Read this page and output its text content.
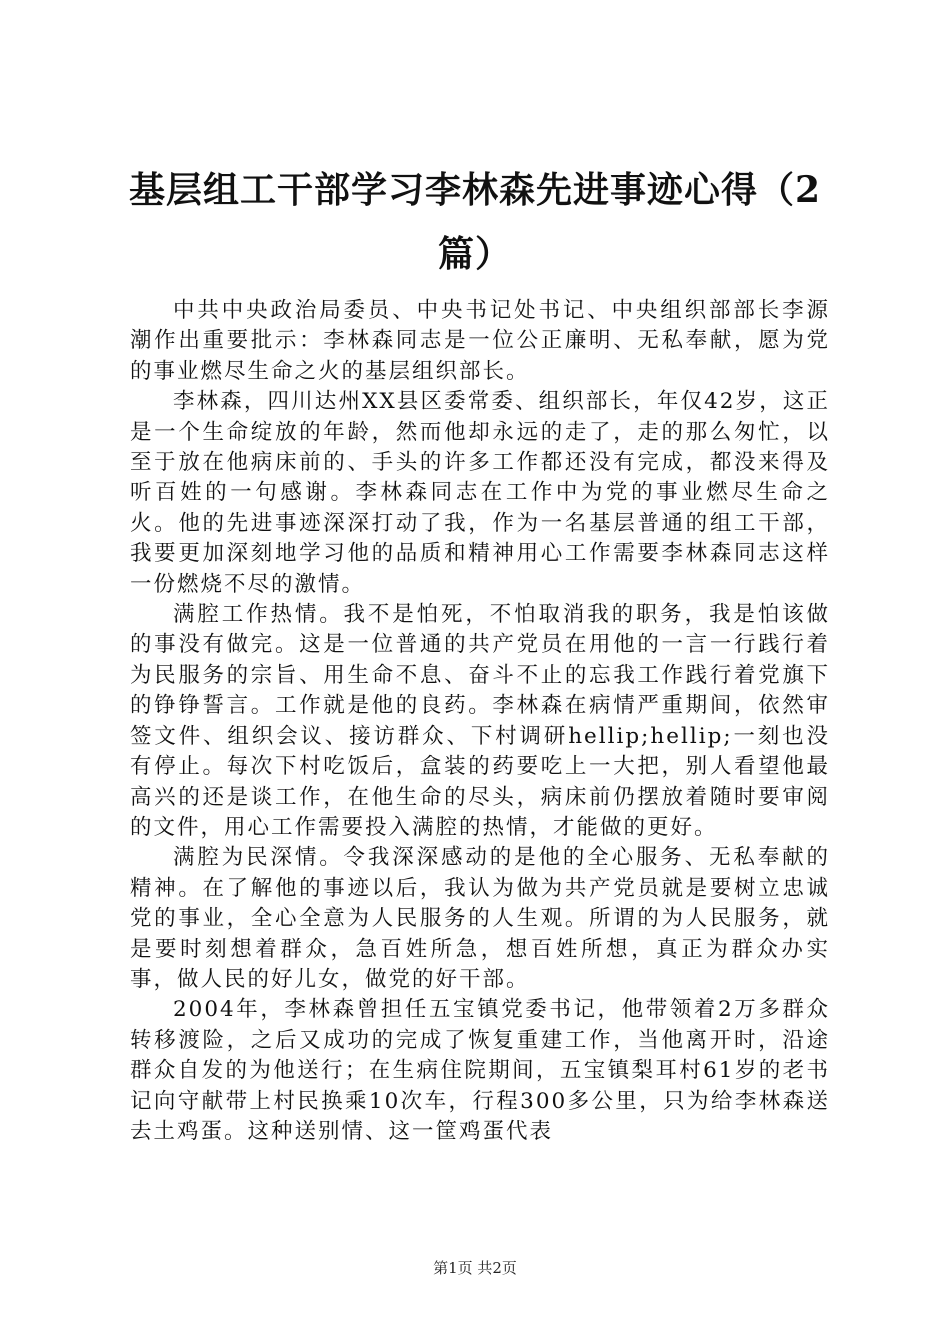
基层组工干部学习李林森先进事迹心得（2篇）

中共中央政治局委员、中央书记处书记、中央组织部部长李源潮作出重要批示：李林森同志是一位公正廉明、无私奉献，愿为党的事业燃尽生命之火的基层组织部长。

李林森，四川达州XX县区委常委、组织部长，年仅42岁，这正是一个生命绽放的年龄，然而他却永远的走了，走的那么匆忙，以至于放在他病床前的、手头的许多工作都还没有完成，都没来得及听百姓的一句感谢。李林森同志在工作中为党的事业燃尽生命之火。他的先进事迹深深打动了我，作为一名基层普通的组工干部，我要更加深刻地学习他的品质和精神用心工作需要李林森同志这样一份燃烧不尽的激情。

满腔工作热情。我不是怕死，不怕取消我的职务，我是怕该做的事没有做完。这是一位普通的共产党员在用他的一言一行践行着为民服务的宗旨、用生命不息、奋斗不止的忘我工作践行着党旗下的铮铮誓言。工作就是他的良药。李林森在病情严重期间，依然审签文件、组织会议、接访群众、下村调研hellip;hellip;一刻也没有停止。每次下村吃饭后，盒装的药要吃上一大把，别人看望他最高兴的还是谈工作，在他生命的尽头，病床前仍摆放着随时要审阅的文件，用心工作需要投入满腔的热情，才能做的更好。

满腔为民深情。令我深深感动的是他的全心服务、无私奉献的精神。在了解他的事迹以后，我认为做为共产党员就是要树立忠诚党的事业，全心全意为人民服务的人生观。所谓的为人民服务，就是要时刻想着群众，急百姓所急，想百姓所想，真正为群众办实事，做人民的好儿女，做党的好干部。

2004年，李林森曾担任五宝镇党委书记，他带领着2万多群众转移渡险，之后又成功的完成了恢复重建工作，当他离开时，沿途群众自发的为他送行；在生病住院期间，五宝镇梨耳村61岁的老书记向守献带上村民换乘10次车，行程300多公里，只为给李林森送去土鸡蛋。这种送别情、这一筐鸡蛋代表

第1页 共2页
